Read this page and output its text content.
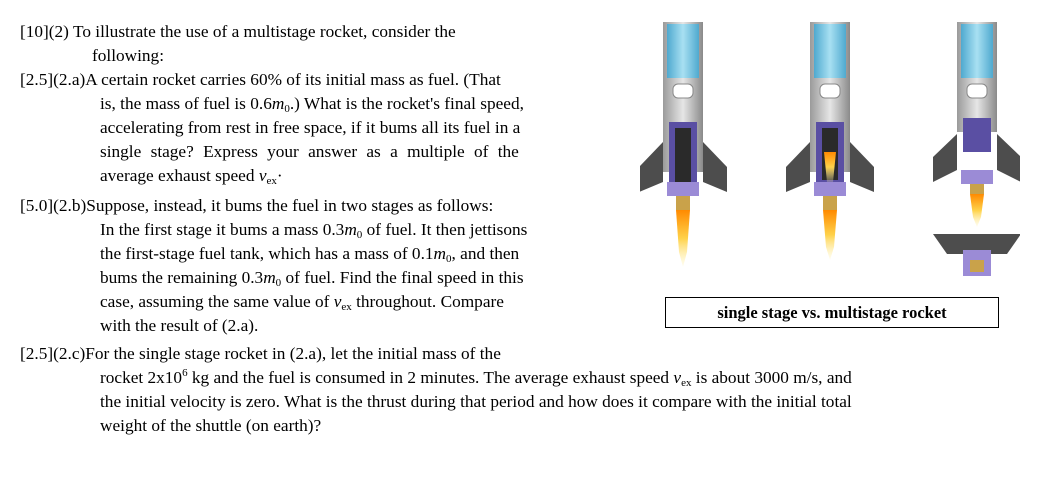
[10](2) To illustrate the use of a multistage rocket, consider the
following:

[2.5](2.a)A certain rocket carries 60% of its initial mass as fuel. (That
is, the mass of fuel is $0.6m_0$.) What is the rocket's final speed,
accelerating from rest in free space, if it bums all its fuel in a
single stage? Express your answer as a multiple of the
average exhaust speed $v_{ex}\cdot$

[5.0](2.b)Suppose, instead, it bums the fuel in two stages as follows:
In the first stage it bums a mass $0.3m_0$ of fuel. It then jettisons
the first-stage fuel tank, which has a mass of $0.1m_0$, and then
bums the remaining $0.3m_0$ of fuel. Find the final speed in this
case, assuming the same value of $v_{ex}$ throughout. Compare
with the result of (2.a).

[2.5](2.c)For the single stage rocket in (2.a), let the initial mass of the
rocket $2x10^6$ kg and the fuel is consumed in 2 minutes. The average exhaust speed $v_{ex}$ is about 3000 m/s, and
the initial velocity is zero. What is the thrust during that period and how does it compare with the initial total
weight of the shuttle (on earth)?

single stage vs. multistage rocket
